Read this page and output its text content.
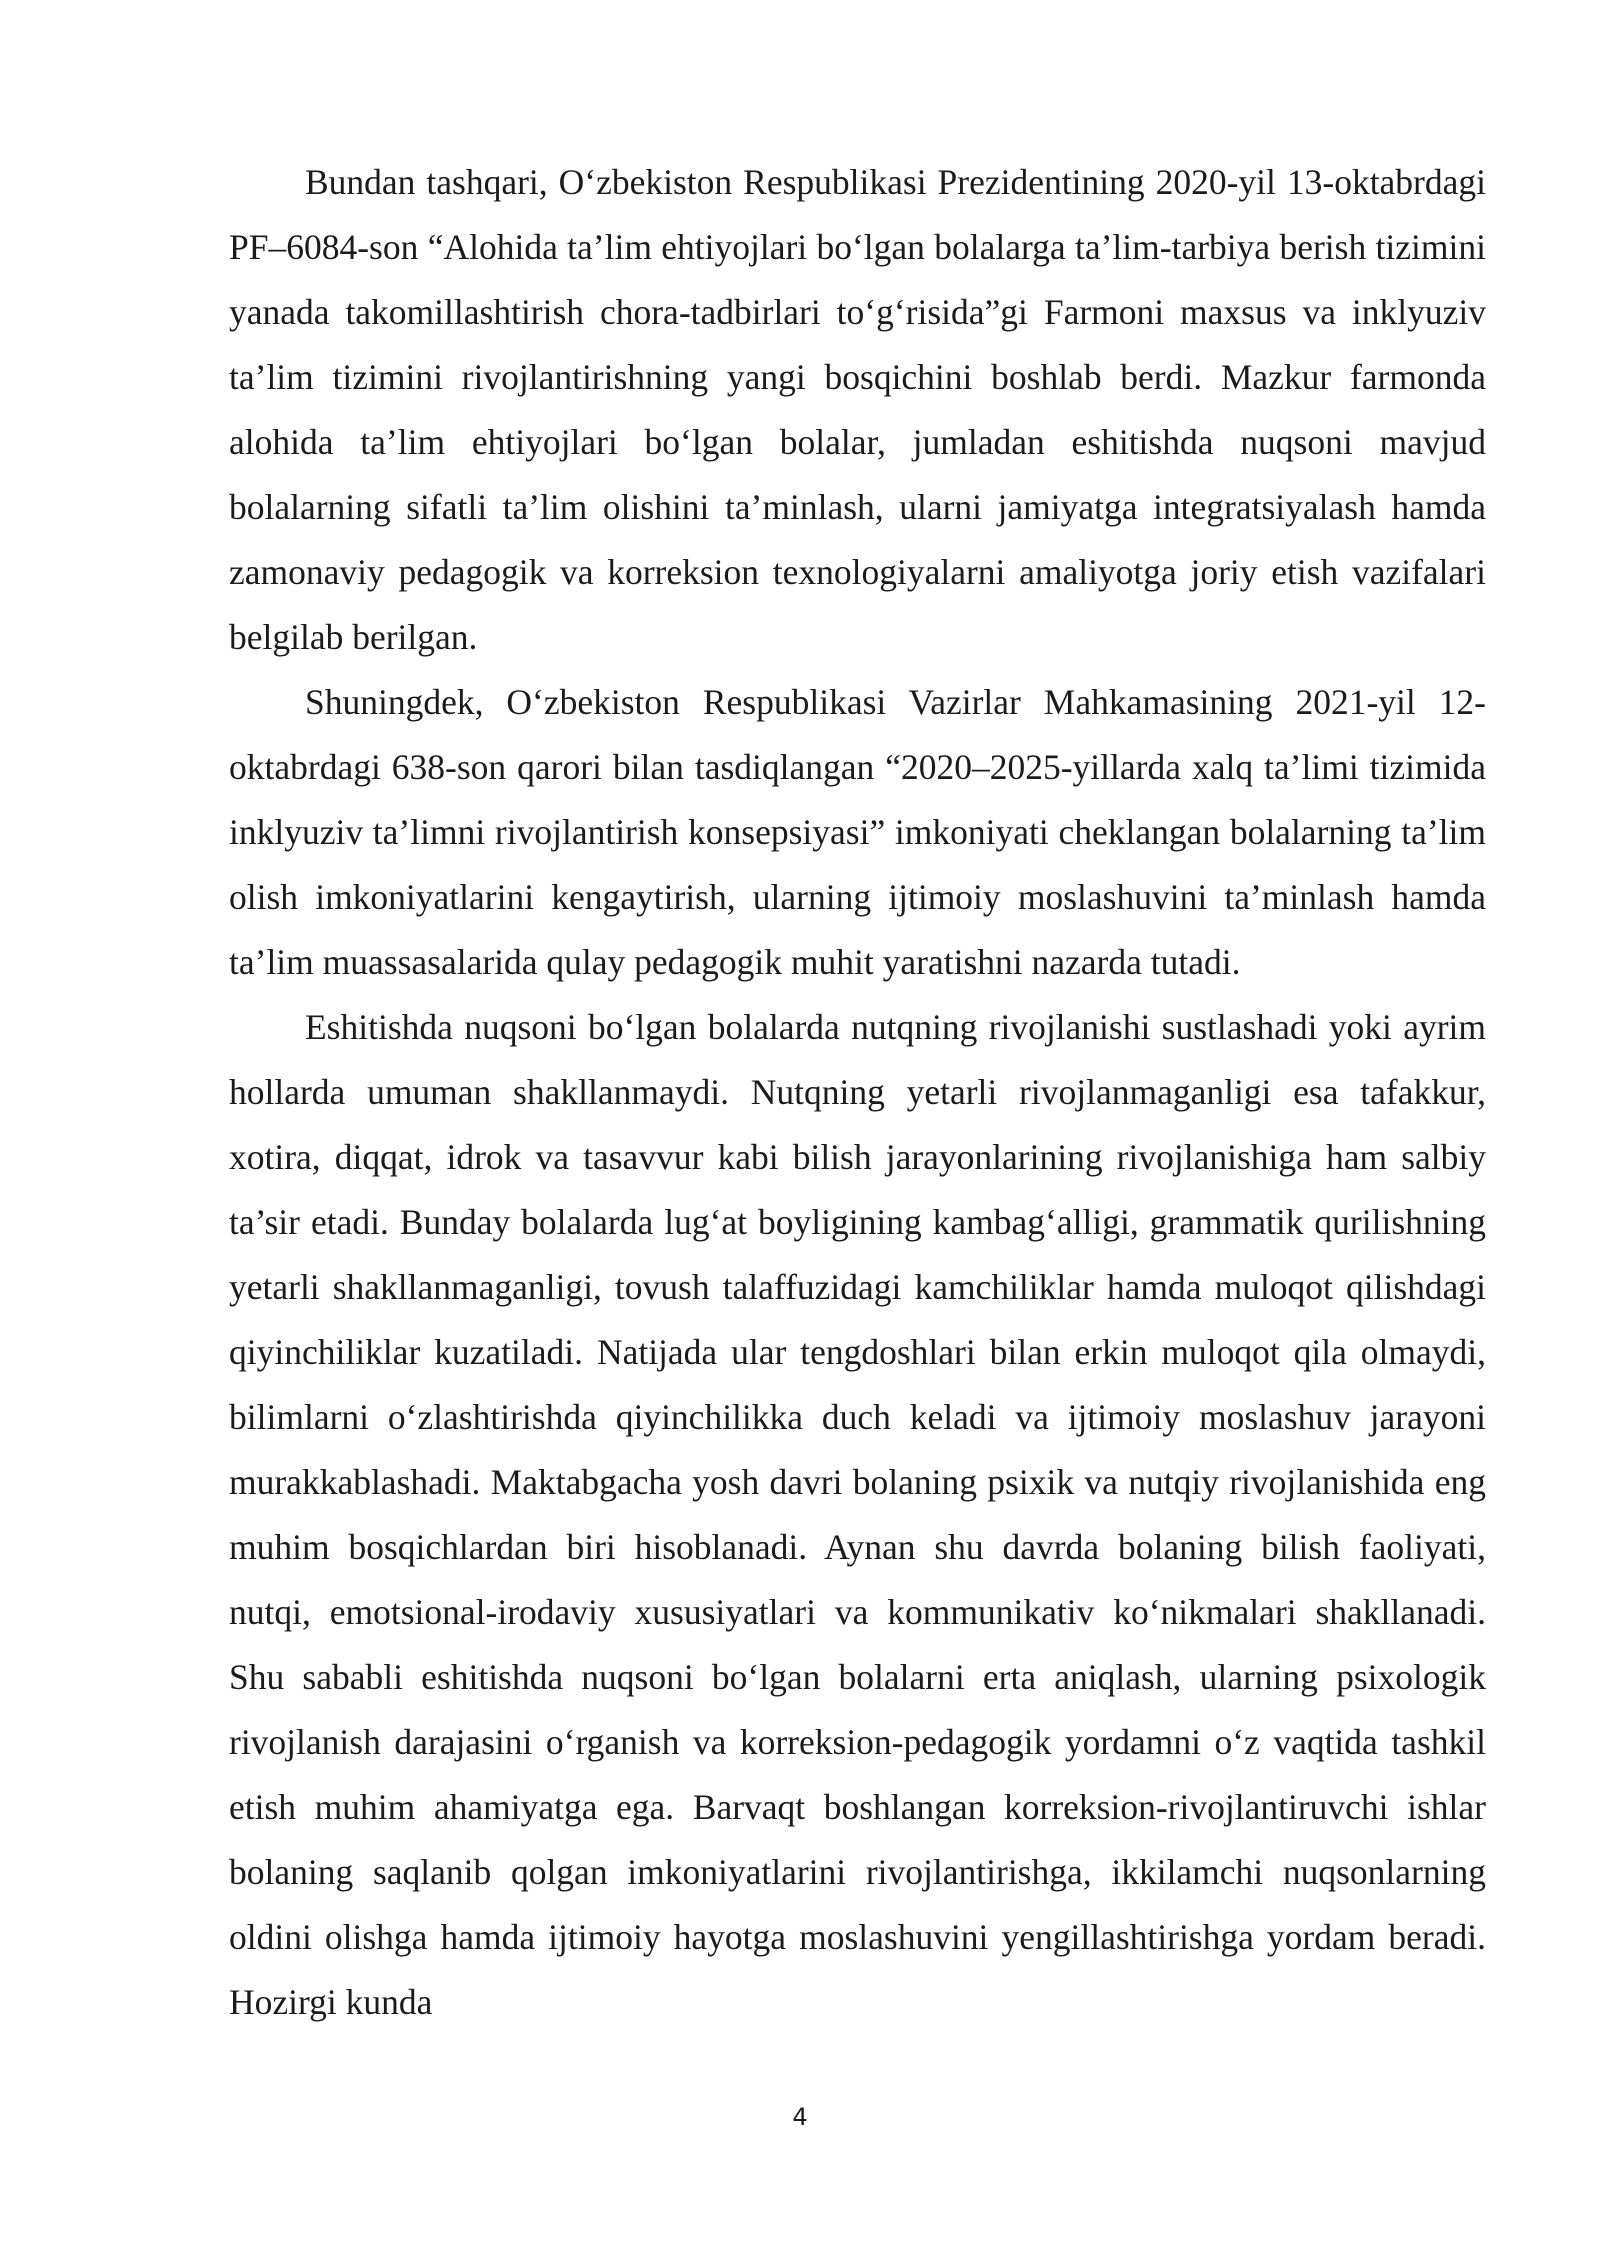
Bundan tashqari, O‘zbekiston Respublikasi Prezidentining 2020-yil 13-oktabrdagi PF–6084-son “Alohida ta’lim ehtiyojlari bo‘lgan bolalarga ta’lim-tarbiya berish tizimini yanada takomillashtirish chora-tadbirlari to‘g‘risida”gi Farmoni maxsus va inklyuziv ta’lim tizimini rivojlantirishning yangi bosqichini boshlab berdi. Mazkur farmonda alohida ta’lim ehtiyojlari bo‘lgan bolalar, jumladan eshitishda nuqsoni mavjud bolalarning sifatli ta’lim olishini ta’minlash, ularni jamiyatga integratsiyalash hamda zamonaviy pedagogik va korreksion texnologiyalarni amaliyotga joriy etish vazifalari belgilab berilgan.

Shuningdek, O‘zbekiston Respublikasi Vazirlar Mahkamasining 2021-yil 12-oktabrdagi 638-son qarori bilan tasdiqlangan “2020–2025-yillarda xalq ta’limi tizimida inklyuziv ta’limni rivojlantirish konsepsiyasi” imkoniyati cheklangan bolalarning ta’lim olish imkoniyatlarini kengaytirish, ularning ijtimoiy moslashuvini ta’minlash hamda ta’lim muassasalarida qulay pedagogik muhit yaratishni nazarda tutadi.

Eshitishda nuqsoni bo‘lgan bolalarda nutqning rivojlanishi sustlashadi yoki ayrim hollarda umuman shakllanmaydi. Nutqning yetarli rivojlanmaganligi esa tafakkur, xotira, diqqat, idrok va tasavvur kabi bilish jarayonlarining rivojlanishiga ham salbiy ta’sir etadi. Bunday bolalarda lug‘at boyligining kambag‘alligi, grammatik qurilishning yetarli shakllanmaganligi, tovush talaffuzidagi kamchiliklar hamda muloqot qilishdagi qiyinchiliklar kuzatiladi. Natijada ular tengdoshlari bilan erkin muloqot qila olmaydi, bilimlarni o‘zlashtirishda qiyinchilikka duch keladi va ijtimoiy moslashuv jarayoni murakkablashadi. Maktabgacha yosh davri bolaning psixik va nutqiy rivojlanishida eng muhim bosqichlardan biri hisoblanadi. Aynan shu davrda bolaning bilish faoliyati, nutqi, emotsional-irodaviy xususiyatlari va kommunikativ ko‘nikmalari shakllanadi. Shu sababli eshitishda nuqsoni bo‘lgan bolalarni erta aniqlash, ularning psixologik rivojlanish darajasini o‘rganish va korreksion-pedagogik yordamni o‘z vaqtida tashkil etish muhim ahamiyatga ega. Barvaqt boshlangan korreksion-rivojlantiruvchi ishlar bolaning saqlanib qolgan imkoniyatlarini rivojlantirishga, ikkilamchi nuqsonlarning oldini olishga hamda ijtimoiy hayotga moslashuvini yengillashtirishga yordam beradi. Hozirgi kunda

4
